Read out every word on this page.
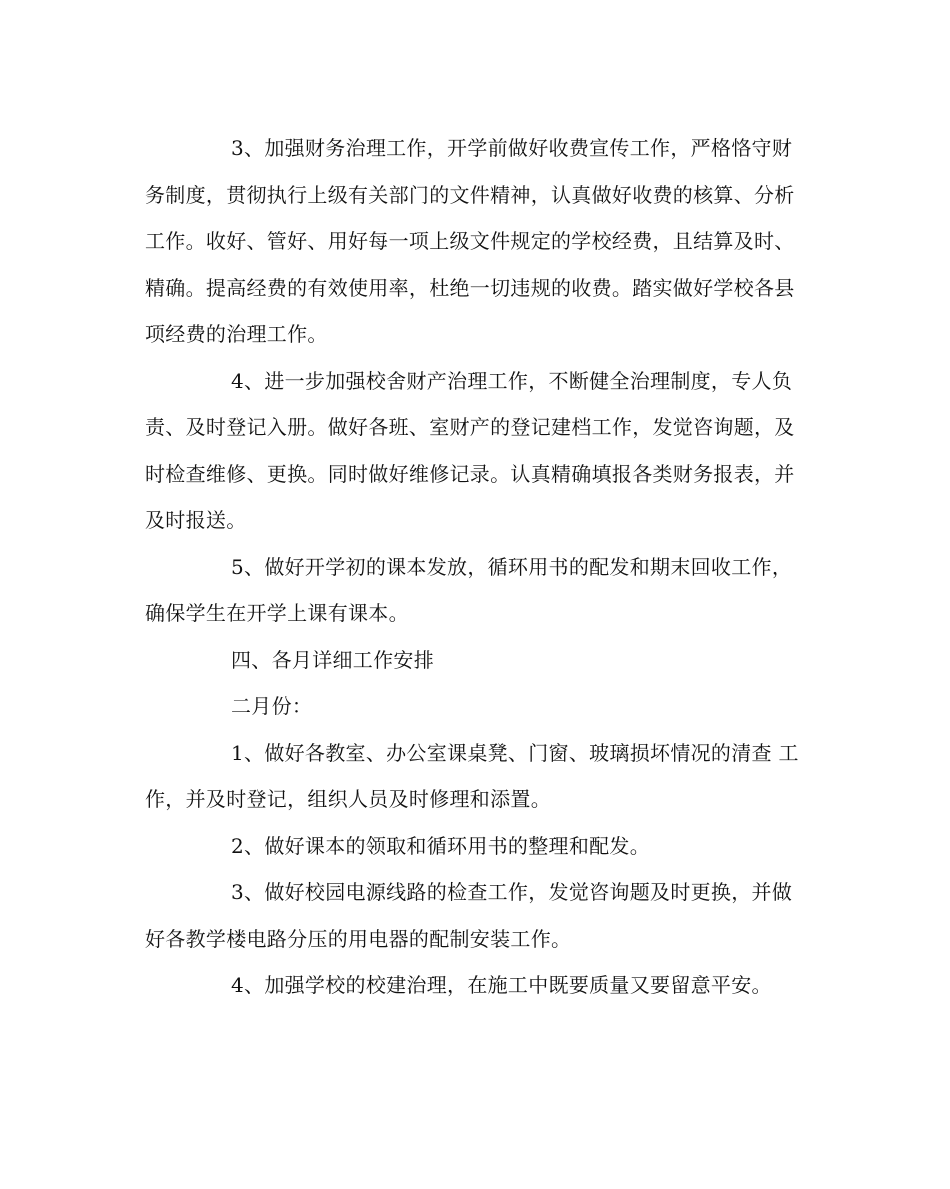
3、加强财务治理工作，开学前做好收费宣传工作，严格恪守财务制度，贯彻执行上级有关部门的文件精神，认真做好收费的核算、分析工作。收好、管好、用好每一项上级文件规定的学校经费，且结算及时、精确。提高经费的有效使用率，杜绝一切违规的收费。踏实做好学校各县项经费的治理工作。

4、进一步加强校舍财产治理工作，不断健全治理制度，专人负责、及时登记入册。做好各班、室财产的登记建档工作，发觉咨询题，及时检查维修、更换。同时做好维修记录。认真精确填报各类财务报表，并及时报送。

5、做好开学初的课本发放，循环用书的配发和期末回收工作，确保学生在开学上课有课本。

四、各月详细工作安排

二月份：

1、做好各教室、办公室课桌凳、门窗、玻璃损坏情况的清查 工作，并及时登记，组织人员及时修理和添置。

2、做好课本的领取和循环用书的整理和配发。

3、做好校园电源线路的检查工作，发觉咨询题及时更换，并做好各教学楼电路分压的用电器的配制安装工作。

4、加强学校的校建治理，在施工中既要质量又要留意平安。
